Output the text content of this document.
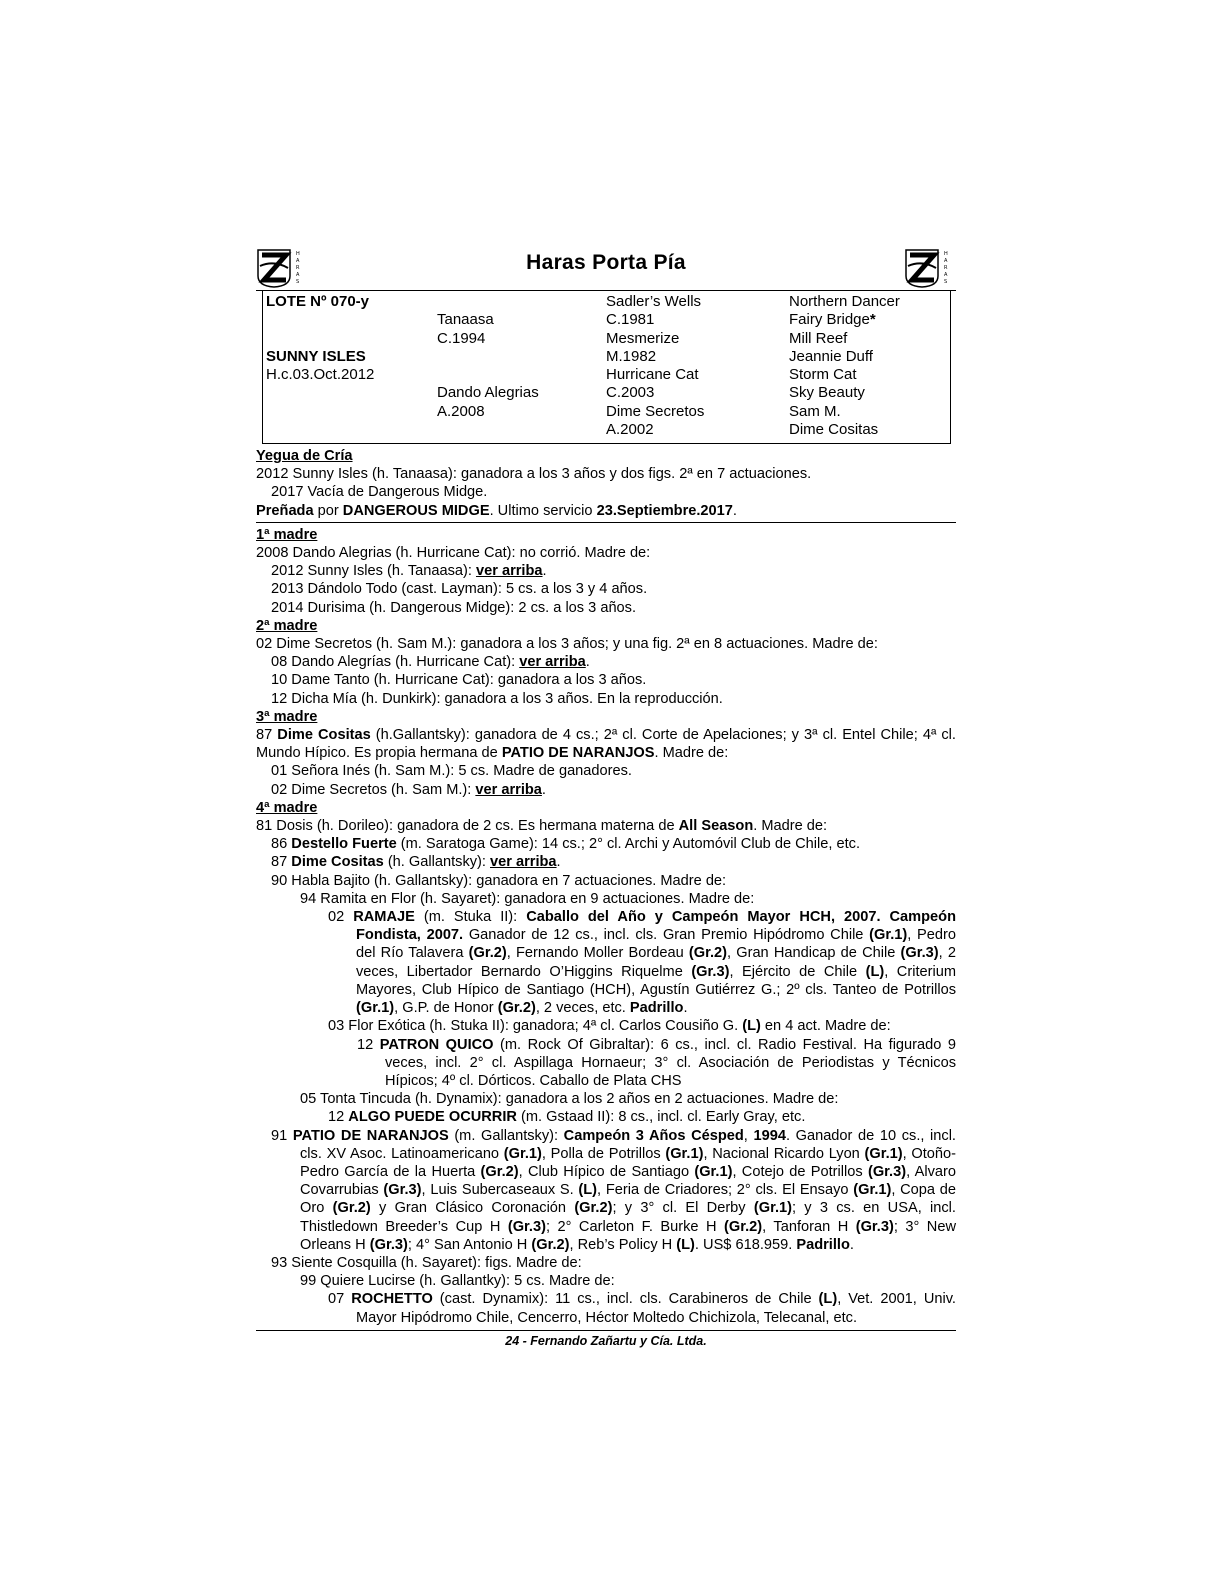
H
A
R
A
S
Haras Porta Pía	H
A
R
A
S
LOTE Nº 070-y
SUNNY ISLES
H.c.03.Oct.2012
Tanaasa
C.1994
Dando Alegrias
A.2008
Sadler’s Wells
C.1981
Mesmerize
M.1982
Hurricane Cat
C.2003
Dime Secretos
A.2002
Northern Dancer
Fairy Bridge*
Mill Reef
Jeannie Duff
Storm Cat
Sky Beauty
Sam M.
Dime Cositas
Yegua de Cría
2012 Sunny Isles (h. Tanaasa): ganadora a los 3 años y dos figs. 2ª en 7 actuaciones.
2017 Vacía de Dangerous Midge.
Preñada por DANGEROUS MIDGE. Ultimo servicio 23.Septiembre.2017.
1ª madre
2008 Dando Alegrias (h. Hurricane Cat): no corrió. Madre de:
2012 Sunny Isles (h. Tanaasa): ver arriba.
2013 Dándolo Todo (cast. Layman): 5 cs. a los 3 y 4 años.
2014 Durisima (h. Dangerous Midge): 2 cs. a los 3 años.
2ª madre
02 Dime Secretos (h. Sam M.): ganadora a los 3 años; y una fig. 2ª en 8 actuaciones. Madre de:
08 Dando Alegrías (h. Hurricane Cat): ver arriba.
10 Dame Tanto (h. Hurricane Cat): ganadora a los 3 años.
12 Dicha Mía (h. Dunkirk): ganadora a los 3 años. En la reproducción.
3ª madre
87 Dime Cositas (h.Gallantsky): ganadora de 4 cs.; 2ª cl. Corte de Apelaciones; y 3ª cl. Entel Chile; 4ª cl. Mundo Hípico. Es propia hermana de PATIO DE NARANJOS. Madre de:
01 Señora Inés (h. Sam M.): 5 cs. Madre de ganadores.
02 Dime Secretos (h. Sam M.): ver arriba.
4ª madre
81 Dosis (h. Dorileo): ganadora de 2 cs. Es hermana materna de All Season. Madre de:
86 Destello Fuerte (m. Saratoga Game): 14 cs.; 2° cl. Archi y Automóvil Club de Chile, etc.
87 Dime Cositas (h. Gallantsky): ver arriba.
90 Habla Bajito (h. Gallantsky): ganadora en 7 actuaciones. Madre de:
94 Ramita en Flor (h. Sayaret): ganadora en 9 actuaciones. Madre de:
02 RAMAJE (m. Stuka II): Caballo del Año y Campeón Mayor HCH, 2007. Campeón Fondista, 2007. Ganador de 12 cs., incl. cls. Gran Premio Hipódromo Chile (Gr.1), Pedro del Río Talavera (Gr.2), Fernando Moller Bordeau (Gr.2), Gran Handicap de Chile (Gr.3), 2 veces, Libertador Bernardo O’Higgins Riquelme (Gr.3), Ejército de Chile (L), Criterium Mayores, Club Hípico de Santiago (HCH), Agustín Gutiérrez G.; 2º cls. Tanteo de Potrillos (Gr.1), G.P. de Honor (Gr.2), 2 veces, etc. Padrillo.
03 Flor Exótica (h. Stuka II): ganadora; 4ª cl. Carlos Cousiño G. (L) en 4 act. Madre de:
12 PATRON QUICO (m. Rock Of Gibraltar): 6 cs., incl. cl. Radio Festival. Ha figurado 9 veces, incl. 2° cl. Aspillaga Hornaeur; 3° cl. Asociación de Periodistas y Técnicos Hípicos; 4º cl. Dórticos. Caballo de Plata CHS
05 Tonta Tincuda (h. Dynamix): ganadora a los 2 años en 2 actuaciones. Madre de:
12 ALGO PUEDE OCURRIR (m. Gstaad II): 8 cs., incl. cl. Early Gray, etc.
91 PATIO DE NARANJOS (m. Gallantsky): Campeón 3 Años Césped, 1994. Ganador de 10 cs., incl. cls. XV Asoc. Latinoamericano (Gr.1), Polla de Potrillos (Gr.1), Nacional Ricardo Lyon (Gr.1), Otoño-Pedro García de la Huerta (Gr.2), Club Hípico de Santiago (Gr.1), Cotejo de Potrillos (Gr.3), Alvaro Covarrubias (Gr.3), Luis Subercaseaux S. (L), Feria de Criadores; 2° cls. El Ensayo (Gr.1), Copa de Oro (Gr.2) y Gran Clásico Coronación (Gr.2); y 3° cl. El Derby (Gr.1); y 3 cs. en USA, incl. Thistledown Breeder’s Cup H (Gr.3); 2° Carleton F. Burke H (Gr.2), Tanforan H (Gr.3); 3° New Orleans H (Gr.3); 4° San Antonio H (Gr.2), Reb’s Policy H (L). US$ 618.959. Padrillo.
93 Siente Cosquilla (h. Sayaret): figs. Madre de:
99 Quiere Lucirse (h. Gallantky): 5 cs. Madre de:
07 ROCHETTO (cast. Dynamix): 11 cs., incl. cls. Carabineros de Chile (L), Vet. 2001, Univ. Mayor Hipódromo Chile, Cencerro, Héctor Moltedo Chichizola, Telecanal, etc.
24 - Fernando Zañartu y Cía. Ltda.
